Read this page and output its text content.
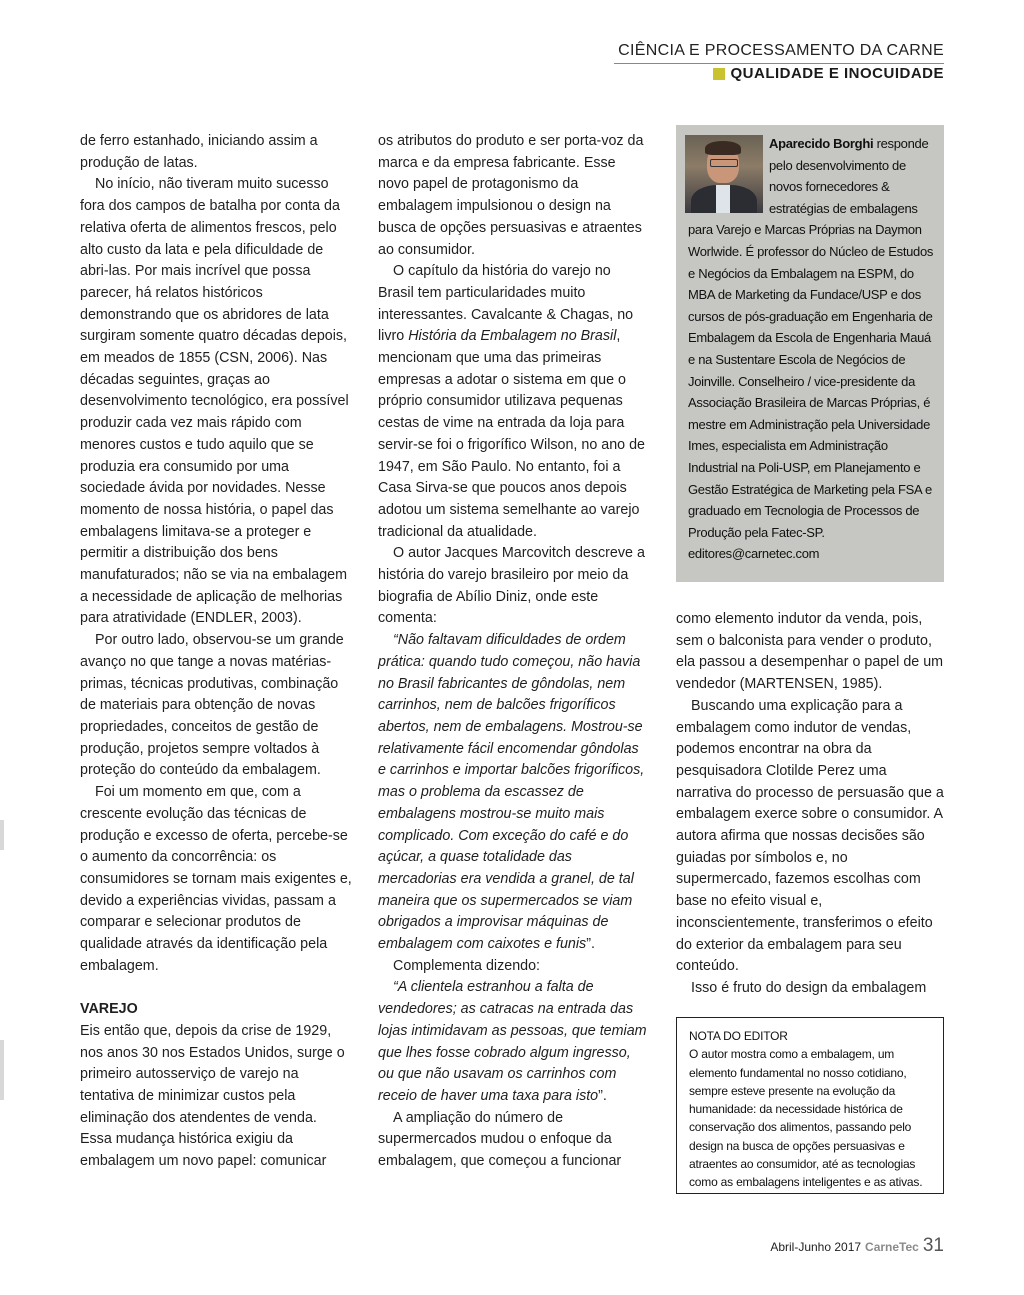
CIÊNCIA E PROCESSAMENTO DA CARNE
QUALIDADE E INOCUIDADE

de ferro estanhado, iniciando assim a produção de latas.

No início, não tiveram muito sucesso fora dos campos de batalha por conta da relativa oferta de alimentos frescos, pelo alto custo da lata e pela dificuldade de abri-las. Por mais incrível que possa parecer, há relatos históricos demonstrando que os abridores de lata surgiram somente quatro décadas depois, em meados de 1855 (CSN, 2006). Nas décadas seguintes, graças ao desenvolvimento tecnológico, era possível produzir cada vez mais rápido com menores custos e tudo aquilo que se produzia era consumido por uma sociedade ávida por novidades. Nesse momento de nossa história, o papel das embalagens limitava-se a proteger e permitir a distribuição dos bens manufaturados; não se via na embalagem a necessidade de aplicação de melhorias para atratividade (ENDLER, 2003).

Por outro lado, observou-se um grande avanço no que tange a novas matérias-primas, técnicas produtivas, combinação de materiais para obtenção de novas propriedades, conceitos de gestão de produção, projetos sempre voltados à proteção do conteúdo da embalagem.

Foi um momento em que, com a crescente evolução das técnicas de produção e excesso de oferta, percebe-se o aumento da concorrência: os consumidores se tornam mais exigentes e, devido a experiências vividas, passam a comparar e selecionar produtos de qualidade através da identificação pela embalagem.

VAREJO

Eis então que, depois da crise de 1929, nos anos 30 nos Estados Unidos, surge o primeiro autosserviço de varejo na tentativa de minimizar custos pela eliminação dos atendentes de venda. Essa mudança histórica exigiu da embalagem um novo papel: comunicar

os atributos do produto e ser porta-voz da marca e da empresa fabricante. Esse novo papel de protagonismo da embalagem impulsionou o design na busca de opções persuasivas e atraentes ao consumidor.

O capítulo da história do varejo no Brasil tem particularidades muito interessantes. Cavalcante & Chagas, no livro História da Embalagem no Brasil, mencionam que uma das primeiras empresas a adotar o sistema em que o próprio consumidor utilizava pequenas cestas de vime na entrada da loja para servir-se foi o frigorífico Wilson, no ano de 1947, em São Paulo. No entanto, foi a Casa Sirva-se que poucos anos depois adotou um sistema semelhante ao varejo tradicional da atualidade.

O autor Jacques Marcovitch descreve a história do varejo brasileiro por meio da biografia de Abílio Diniz, onde este comenta:

“Não faltavam dificuldades de ordem prática: quando tudo começou, não havia no Brasil fabricantes de gôndolas, nem carrinhos, nem de balcões frigoríficos abertos, nem de embalagens. Mostrou-se relativamente fácil encomendar gôndolas e carrinhos e importar balcões frigoríficos, mas o problema da escassez de embalagens mostrou-se muito mais complicado. Com exceção do café e do açúcar, a quase totalidade das mercadorias era vendida a granel, de tal maneira que os supermercados se viam obrigados a improvisar máquinas de embalagem com caixotes e funis”.

Complementa dizendo:

“A clientela estranhou a falta de vendedores; as catracas na entrada das lojas intimidavam as pessoas, que temiam que lhes fosse cobrado algum ingresso, ou que não usavam os carrinhos com receio de haver uma taxa para isto”.

A ampliação do número de supermercados mudou o enfoque da embalagem, que começou a funcionar

Aparecido Borghi responde pelo desenvolvimento de novos fornecedores & estratégias de embalagens para Varejo e Marcas Próprias na Daymon Worlwide. É professor do Núcleo de Estudos e Negócios da Embalagem na ESPM, do MBA de Marketing da Fundace/USP e dos cursos de pós-graduação em Engenharia de Embalagem da Escola de Engenharia Mauá e na Sustentare Escola de Negócios de Joinville. Conselheiro / vice-presidente da Associação Brasileira de Marcas Próprias, é mestre em Administração pela Universidade Imes, especialista em Administração Industrial na Poli-USP, em Planejamento e Gestão Estratégica de Marketing pela FSA e graduado em Tecnologia de Processos de Produção pela Fatec-SP. editores@carnetec.com

como elemento indutor da venda, pois, sem o balconista para vender o produto, ela passou a desempenhar o papel de um vendedor (MARTENSEN, 1985).

Buscando uma explicação para a embalagem como indutor de vendas, podemos encontrar na obra da pesquisadora Clotilde Perez uma narrativa do processo de persuasão que a embalagem exerce sobre o consumidor. A autora afirma que nossas decisões são guiadas por símbolos e, no supermercado, fazemos escolhas com base no efeito visual e, inconscientemente, transferimos o efeito do exterior da embalagem para seu conteúdo.

Isso é fruto do design da embalagem

NOTA DO EDITOR

O autor mostra como a embalagem, um elemento fundamental no nosso cotidiano, sempre esteve presente na evolução da humanidade: da necessidade histórica de conservação dos alimentos, passando pelo design na busca de opções persuasivas e atraentes ao consumidor, até as tecnologias como as embalagens inteligentes e as ativas.

Abril-Junho 2017 CarneTec 31
